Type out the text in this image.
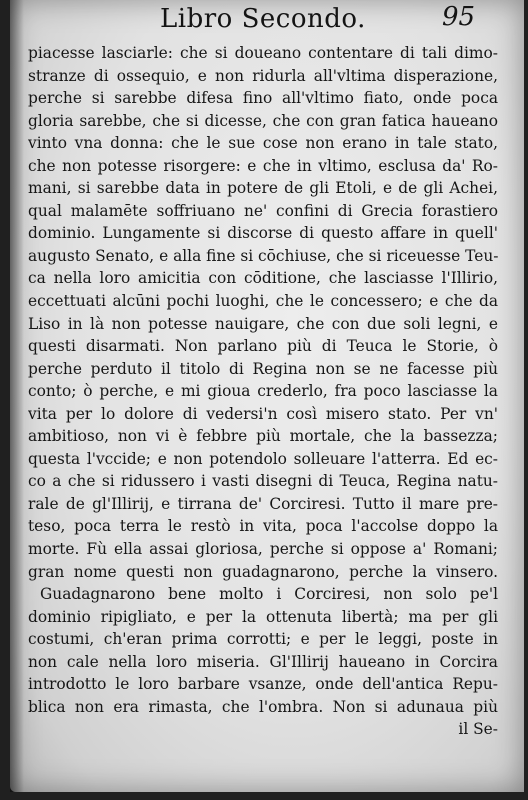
Libro Secondo.	95
piacesse lasciarle: che si doueano contentare di tali dimo-
stranze di ossequio, e non ridurla all'vltima disperazione,
perche si sarebbe difesa fino all'vltimo fiato, onde poca
gloria sarebbe, che si dicesse, che con gran fatica haueano
vinto vna donna: che le sue cose non erano in tale stato,
che non potesse risorgere: e che in vltimo, esclusa da' Ro-
mani, si sarebbe data in potere de gli Etoli, e de gli Achei,
qual malamēte soffriuano ne' confini di Grecia forastiero
dominio. Lungamente si discorse di questo affare in quell'
augusto Senato, e alla fine si cōchiuse, che si riceuesse Teu-
ca nella loro amicitia con cōditione, che lasciasse l'Illirio,
eccettuati alcūni pochi luoghi, che le concessero; e che da
Liso in là non potesse nauigare, che con due soli legni, e
questi disarmati. Non parlano più di Teuca le Storie, ò
perche perduto il titolo di Regina non se ne facesse più
conto; ò perche, e mi gioua crederlo, fra poco lasciasse la
vita per lo dolore di vedersi'n così misero stato. Per vn'
ambitioso, non vi è febbre più mortale, che la bassezza;
questa l'vccide; e non potendolo solleuare l'atterra. Ed ec-
co a che si ridussero i vasti disegni di Teuca, Regina natu-
rale de gl'Illirij, e tirrana de' Corciresi. Tutto il mare pre-
teso, poca terra le restò in vita, poca l'accolse doppo la
morte. Fù ella assai gloriosa, perche si oppose a' Romani;
gran nome questi non guadagnarono, perche la vinsero.
Guadagnarono bene molto i Corciresi, non solo pe'l
dominio ripigliato, e per la ottenuta libertà; ma per gli
costumi, ch'eran prima corrotti; e per le leggi, poste in
non cale nella loro miseria. Gl'Illirij haueano in Corcira
introdotto le loro barbare vsanze, onde dell'antica Repu-
blica non era rimasta, che l'ombra. Non si adunaua più
il Se-
